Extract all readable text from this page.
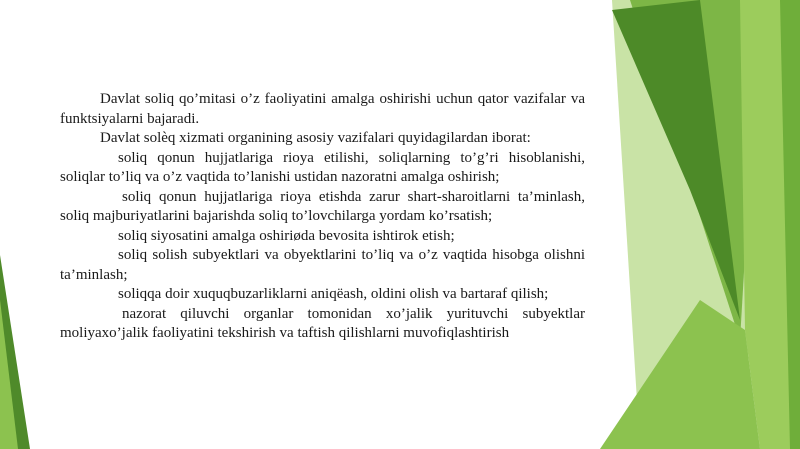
Davlat soliq qo’mitasi o’z faoliyatini amalga oshirishi uchun qator vazifalar va funktsiyalarni bajaradi.

Davlat solèq xizmati organining asosiy vazifalari quyidagilardan iborat:

soliq qonun hujjatlariga rioya etilishi, soliqlarning to’g’ri hisoblanishi, soliqlar to’liq va o’z vaqtida to’lanishi ustidan nazoratni amalga oshirish;

soliq qonun hujjatlariga rioya etishda zarur shart-sharoitlarni ta’minlash, soliq majburiyatlarini bajarishda soliq to’lovchilarga yordam ko’rsatish;

soliq siyosatini amalga oshiriøda bevosita ishtirok etish;

soliq solish subyektlari va obyektlarini to’liq va o’z vaqtida hisobga olishni ta’minlash;

soliqqa doir xuquqbuzarliklarni aniqëash, oldini olish va bartaraf qilish;

nazorat qiluvchi organlar tomonidan xo’jalik yurituvchi subyektlar moliyaxo’jalik faoliyatini tekshirish va taftish qilishlarni muvofiqlashtirish
